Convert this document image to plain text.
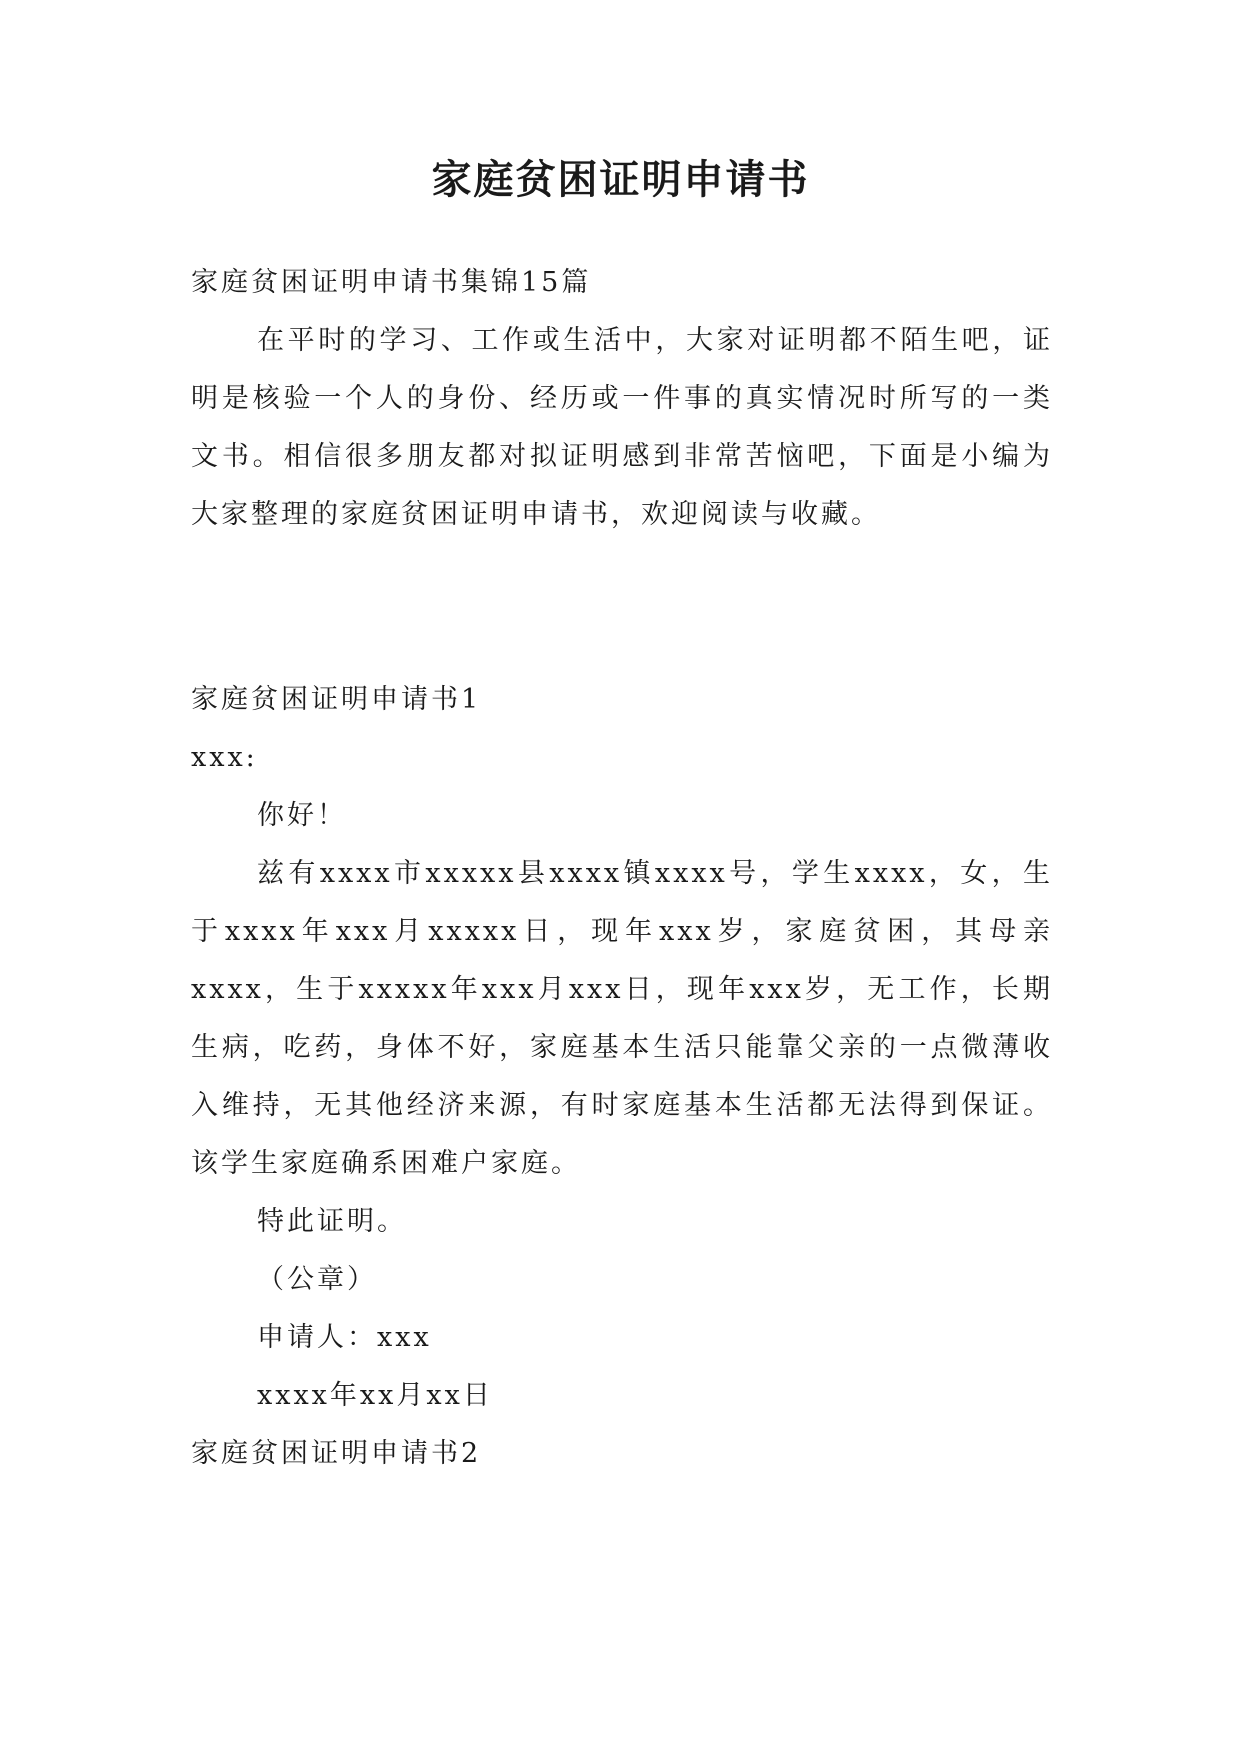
家庭贫困证明申请书
家庭贫困证明申请书集锦15篇
在平时的学习、工作或生活中，大家对证明都不陌生吧，证明是核验一个人的身份、经历或一件事的真实情况时所写的一类文书。相信很多朋友都对拟证明感到非常苦恼吧，下面是小编为大家整理的家庭贫困证明申请书，欢迎阅读与收藏。
家庭贫困证明申请书1
xxx:
你好！
兹有xxxx市xxxxx县xxxx镇xxxx号，学生xxxx，女，生于xxxx年xxx月xxxxx日，现年xxx岁，家庭贫困，其母亲xxxx，生于xxxxx年xxx月xxx日，现年xxx岁，无工作，长期生病，吃药，身体不好，家庭基本生活只能靠父亲的一点微薄收入维持，无其他经济来源，有时家庭基本生活都无法得到保证。该学生家庭确系困难户家庭。
特此证明。
（公章）
申请人：xxx
xxxx年xx月xx日
家庭贫困证明申请书2
